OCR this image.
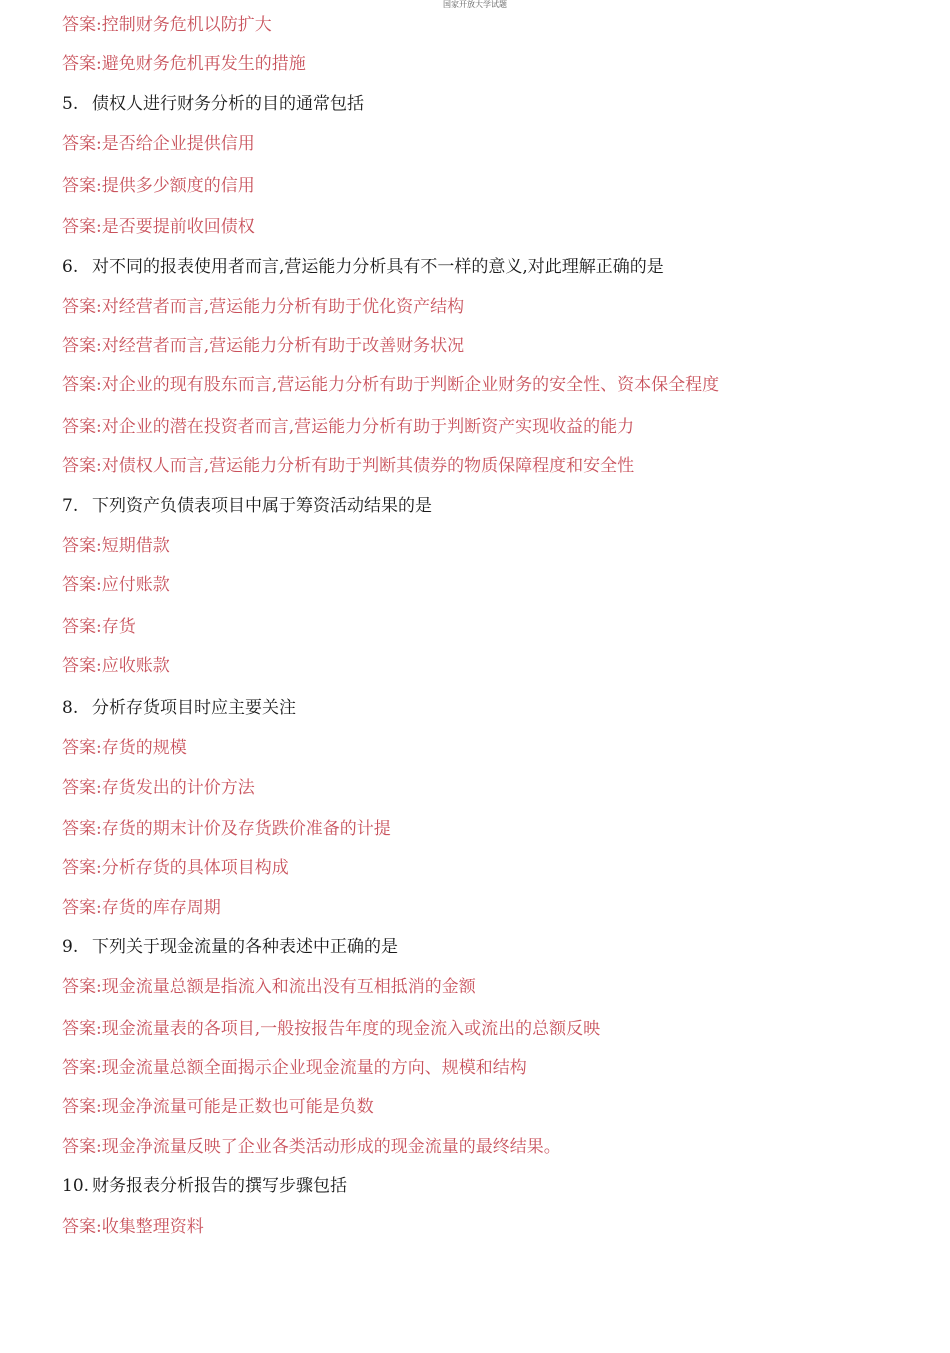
国家开放大学试题
答案:控制财务危机以防扩大
答案:避免财务危机再发生的措施
5. 债权人进行财务分析的目的通常包括
答案:是否给企业提供信用
答案:提供多少额度的信用
答案:是否要提前收回债权
6. 对不同的报表使用者而言,营运能力分析具有不一样的意义,对此理解正确的是
答案:对经营者而言,营运能力分析有助于优化资产结构
答案:对经营者而言,营运能力分析有助于改善财务状况
答案:对企业的现有股东而言,营运能力分析有助于判断企业财务的安全性、资本保全程度
答案:对企业的潜在投资者而言,营运能力分析有助于判断资产实现收益的能力
答案:对债权人而言,营运能力分析有助于判断其债券的物质保障程度和安全性
7. 下列资产负债表项目中属于筹资活动结果的是
答案:短期借款
答案:应付账款
答案:存货
答案:应收账款
8. 分析存货项目时应主要关注
答案:存货的规模
答案:存货发出的计价方法
答案:存货的期末计价及存货跌价准备的计提
答案:分析存货的具体项目构成
答案:存货的库存周期
9. 下列关于现金流量的各种表述中正确的是
答案:现金流量总额是指流入和流出没有互相抵消的金额
答案:现金流量表的各项目,一般按报告年度的现金流入或流出的总额反映
答案:现金流量总额全面揭示企业现金流量的方向、规模和结构
答案:现金净流量可能是正数也可能是负数
答案:现金净流量反映了企业各类活动形成的现金流量的最终结果。
10. 财务报表分析报告的撰写步骤包括
答案:收集整理资料
